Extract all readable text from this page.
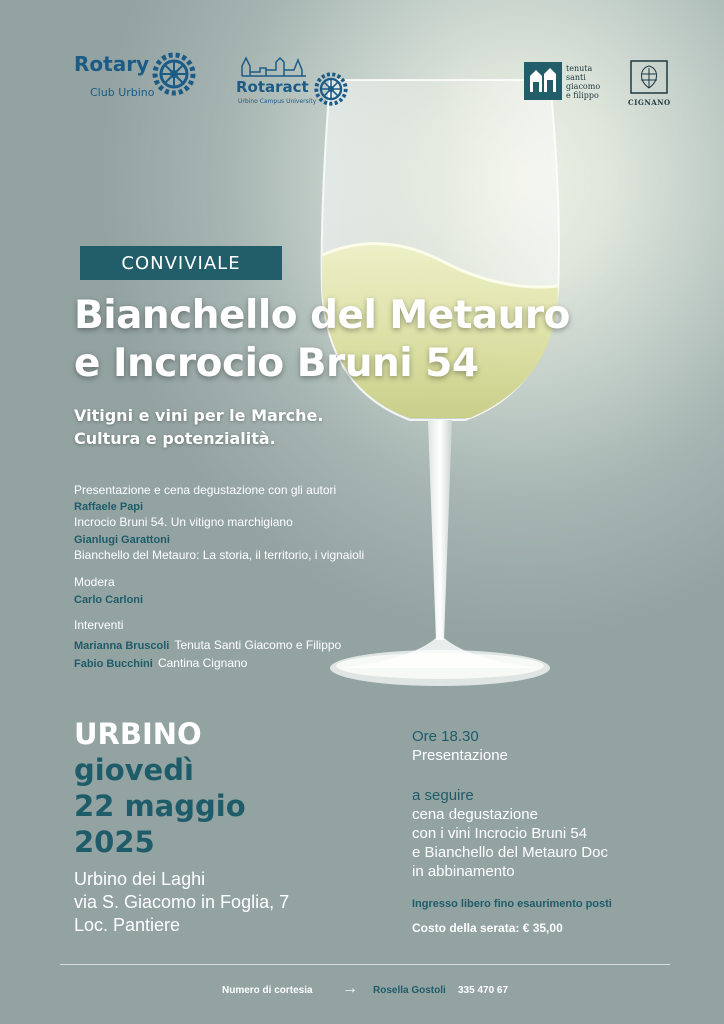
Rotary
Club Urbino	Rotaract
Urbino Campus University
tenuta
santi
giacomo
e filippo
CIGNANO
CONVIVIALE
Bianchello del Metauro
e Incrocio Bruni 54
Vitigni e vini per le Marche.
Cultura e potenzialità.
Presentazione e cena degustazione con gli autori
Raffaele Papi
Incrocio Bruni 54. Un vitigno marchigiano
Gianlugi Garattoni
Bianchello del Metauro: La storia, il territorio, i vignaioli
Modera
Carlo Carloni
Interventi
Marianna Bruscoli Tenuta Santi Giacomo e Filippo
Fabio Bucchini Cantina Cignano
URBINO
giovedì
22 maggio
2025
Urbino dei Laghi
via S. Giacomo in Foglia, 7
Loc. Pantiere
Ore 18.30
Presentazione
a seguire
cena degustazione
con i vini Incrocio Bruni 54
e Bianchello del Metauro Doc
in abbinamento
Ingresso libero fino esaurimento posti
Costo della serata: € 35,00
Numero di cortesia → Rosella Gostoli 335 470 67
